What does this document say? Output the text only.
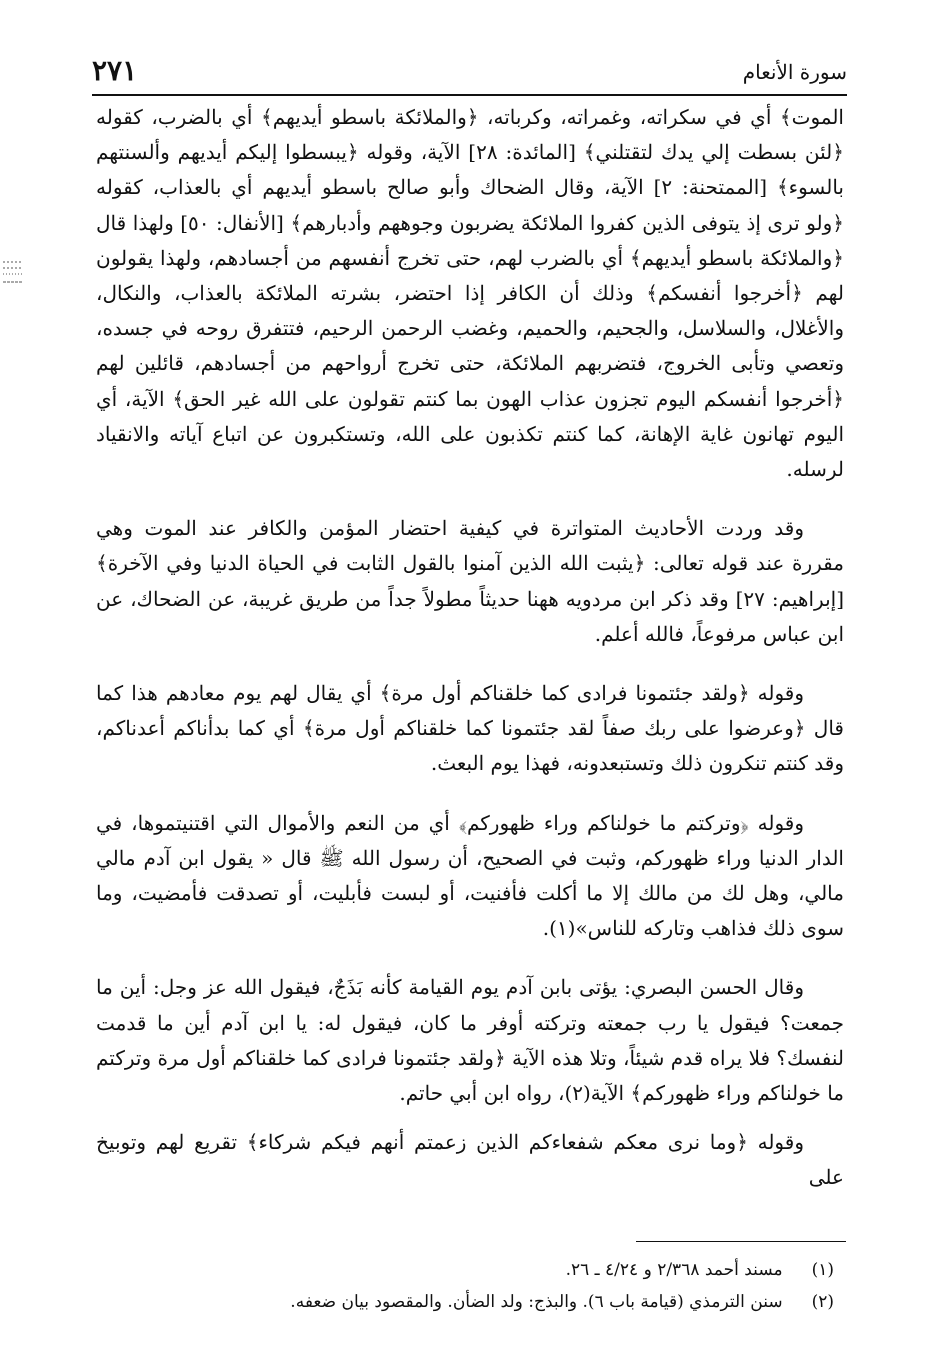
سورة الأنعام
٢٧١

الموت﴾ أي في سكراته، وغمراته، وكرباته، ﴿والملائكة باسطو أيديهم﴾ أي بالضرب، كقوله ﴿لئن بسطت إلي يدك لتقتلني﴾ [المائدة: ٢٨] الآية، وقوله ﴿يبسطوا إليكم أيديهم وألسنتهم بالسوء﴾ [الممتحنة: ٢] الآية، وقال الضحاك وأبو صالح باسطو أيديهم أي بالعذاب، كقوله ﴿ولو ترى إذ يتوفى الذين كفروا الملائكة يضربون وجوههم وأدبارهم﴾ [الأنفال: ٥٠] ولهذا قال ﴿والملائكة باسطو أيديهم﴾ أي بالضرب لهم، حتى تخرج أنفسهم من أجسادهم، ولهذا يقولون لهم ﴿أخرجوا أنفسكم﴾ وذلك أن الكافر إذا احتضر، بشرته الملائكة بالعذاب، والنكال، والأغلال، والسلاسل، والجحيم، والحميم، وغضب الرحمن الرحيم، فتتفرق روحه في جسده، وتعصي وتأبى الخروج، فتضربهم الملائكة، حتى تخرج أرواحهم من أجسادهم، قائلين لهم ﴿أخرجوا أنفسكم اليوم تجزون عذاب الهون بما كنتم تقولون على الله غير الحق﴾ الآية، أي اليوم تهانون غاية الإهانة، كما كنتم تكذبون على الله، وتستكبرون عن اتباع آياته والانقياد لرسله.

وقد وردت الأحاديث المتواترة في كيفية احتضار المؤمن والكافر عند الموت وهي مقررة عند قوله تعالى: ﴿يثبت الله الذين آمنوا بالقول الثابت في الحياة الدنيا وفي الآخرة﴾ [إبراهيم: ٢٧] وقد ذكر ابن مردويه ههنا حديثاً مطولاً جداً من طريق غريبة، عن الضحاك، عن ابن عباس مرفوعاً، فالله أعلم.

وقوله ﴿ولقد جئتمونا فرادى كما خلقناكم أول مرة﴾ أي يقال لهم يوم معادهم هذا كما قال ﴿وعرضوا على ربك صفاً لقد جئتمونا كما خلقناكم أول مرة﴾ أي كما بدأناكم أعدناكم، وقد كنتم تنكرون ذلك وتستبعدونه، فهذا يوم البعث.

وقوله ﴿وتركتم ما خولناكم وراء ظهوركم﴾ أي من النعم والأموال التي اقتنيتموها، في الدار الدنيا وراء ظهوركم، وثبت في الصحيح، أن رسول الله ﷺ قال « يقول ابن آدم مالي مالي، وهل لك من مالك إلا ما أكلت فأفنيت، أو لبست فأبليت، أو تصدقت فأمضيت، وما سوى ذلك فذاهب وتاركه للناس»(١).

وقال الحسن البصري: يؤتى بابن آدم يوم القيامة كأنه بَذَجٌ، فيقول الله عز وجل: أين ما جمعت؟ فيقول يا رب جمعته وتركته أوفر ما كان، فيقول له: يا ابن آدم أين ما قدمت لنفسك؟ فلا يراه قدم شيئاً، وتلا هذه الآية ﴿ولقد جئتمونا فرادى كما خلقناكم أول مرة وتركتم ما خولناكم وراء ظهوركم﴾ الآية(٢)، رواه ابن أبي حاتم.

وقوله ﴿وما نرى معكم شفعاءكم الذين زعمتم أنهم فيكم شركاء﴾ تقريع لهم وتوبيخ على

(١) مسند أحمد ٢/٣٦٨ و ٤/٢٤ ـ ٢٦.

(٢) سنن الترمذي (قيامة باب ٦). والبذج: ولد الضأن. والمقصود بيان ضعفه.
